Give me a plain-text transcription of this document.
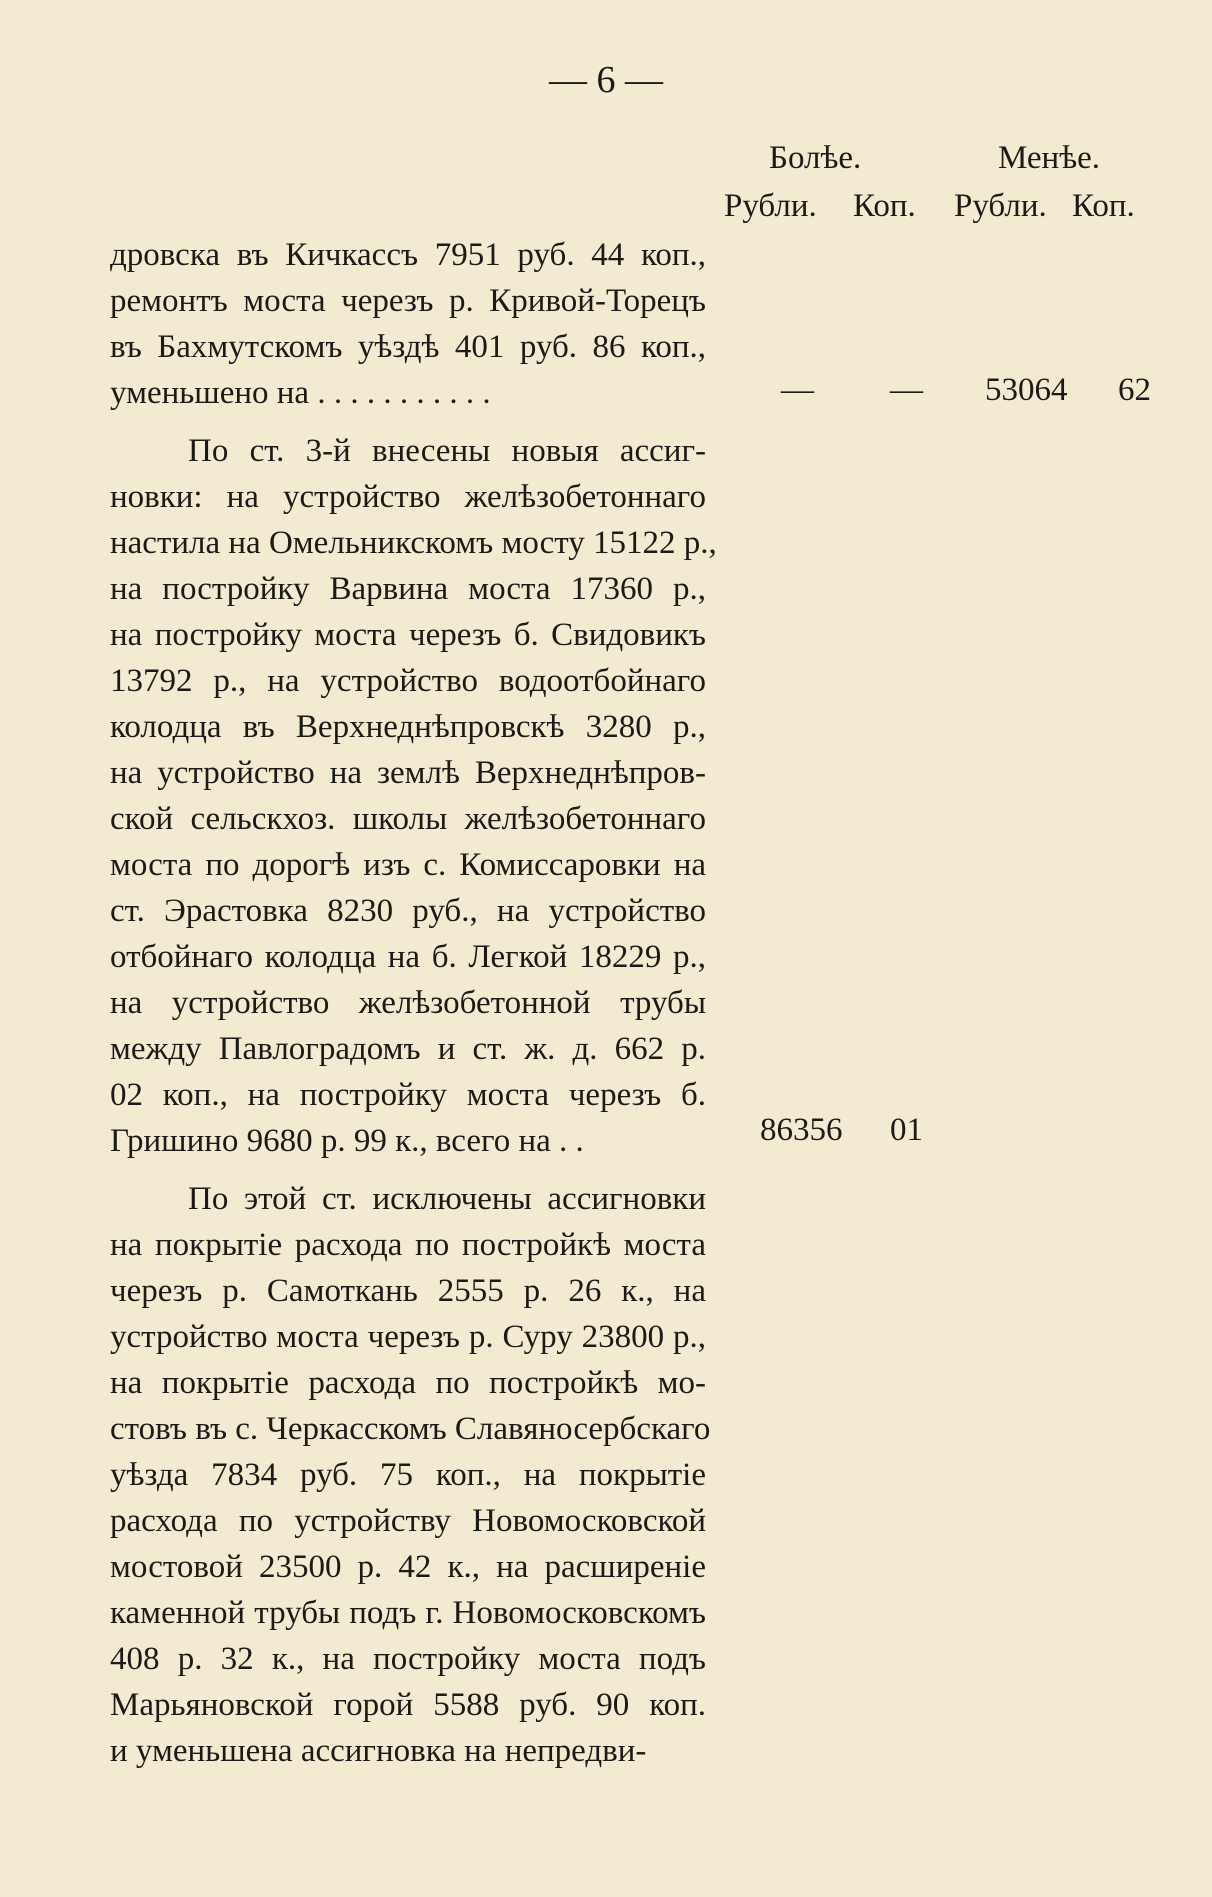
— 6 —
Болѣе.	Менѣе.
Рубли. Коп. Рубли. Коп.
дровска въ Кичкассъ 7951 руб. 44 коп.,
ремонтъ моста черезъ р. Кривой-Торецъ
въ Бахмутскомъ уѣздѣ 401 руб. 86 коп.,
уменьшено на . . . . . . . . . . .
По ст. 3-й внесены новыя ассиг-
новки: на устройство желѣзобетоннаго
настила на Омельникскомъ мосту 15122 р.,
на постройку Варвина моста 17360 р.,
на постройку моста черезъ б. Свидовикъ
13792 р., на устройство водоотбойнаго
колодца въ Верхнеднѣпровскѣ 3280 р.,
на устройство на землѣ Верхнеднѣпров-
ской сельскхоз. школы желѣзобетоннаго
моста по дорогѣ изъ с. Комиссаровки на
ст. Эрастовка 8230 руб., на устройство
отбойнаго колодца на б. Легкой 18229 р.,
на устройство желѣзобетонной трубы
между Павлоградомъ и ст. ж. д. 662 р.
02 коп., на постройку моста черезъ б.
Гришино 9680 р. 99 к., всего на . .
По этой ст. исключены ассигновки
на покрытіе расхода по постройкѣ моста
черезъ р. Самоткань 2555 р. 26 к., на
устройство моста черезъ р. Суру 23800 р.,
на покрытіе расхода по постройкѣ мо-
стовъ въ с. Черкасскомъ Славяносербскаго
уѣзда 7834 руб. 75 коп., на покрытіе
расхода по устройству Новомосковской
мостовой 23500 р. 42 к., на расширеніе
каменной трубы подъ г. Новомосковскомъ
408 р. 32 к., на постройку моста подъ
Марьяновской горой 5588 руб. 90 коп.
и уменьшена ассигновка на непредви-
— — 53064 62
86356 01
